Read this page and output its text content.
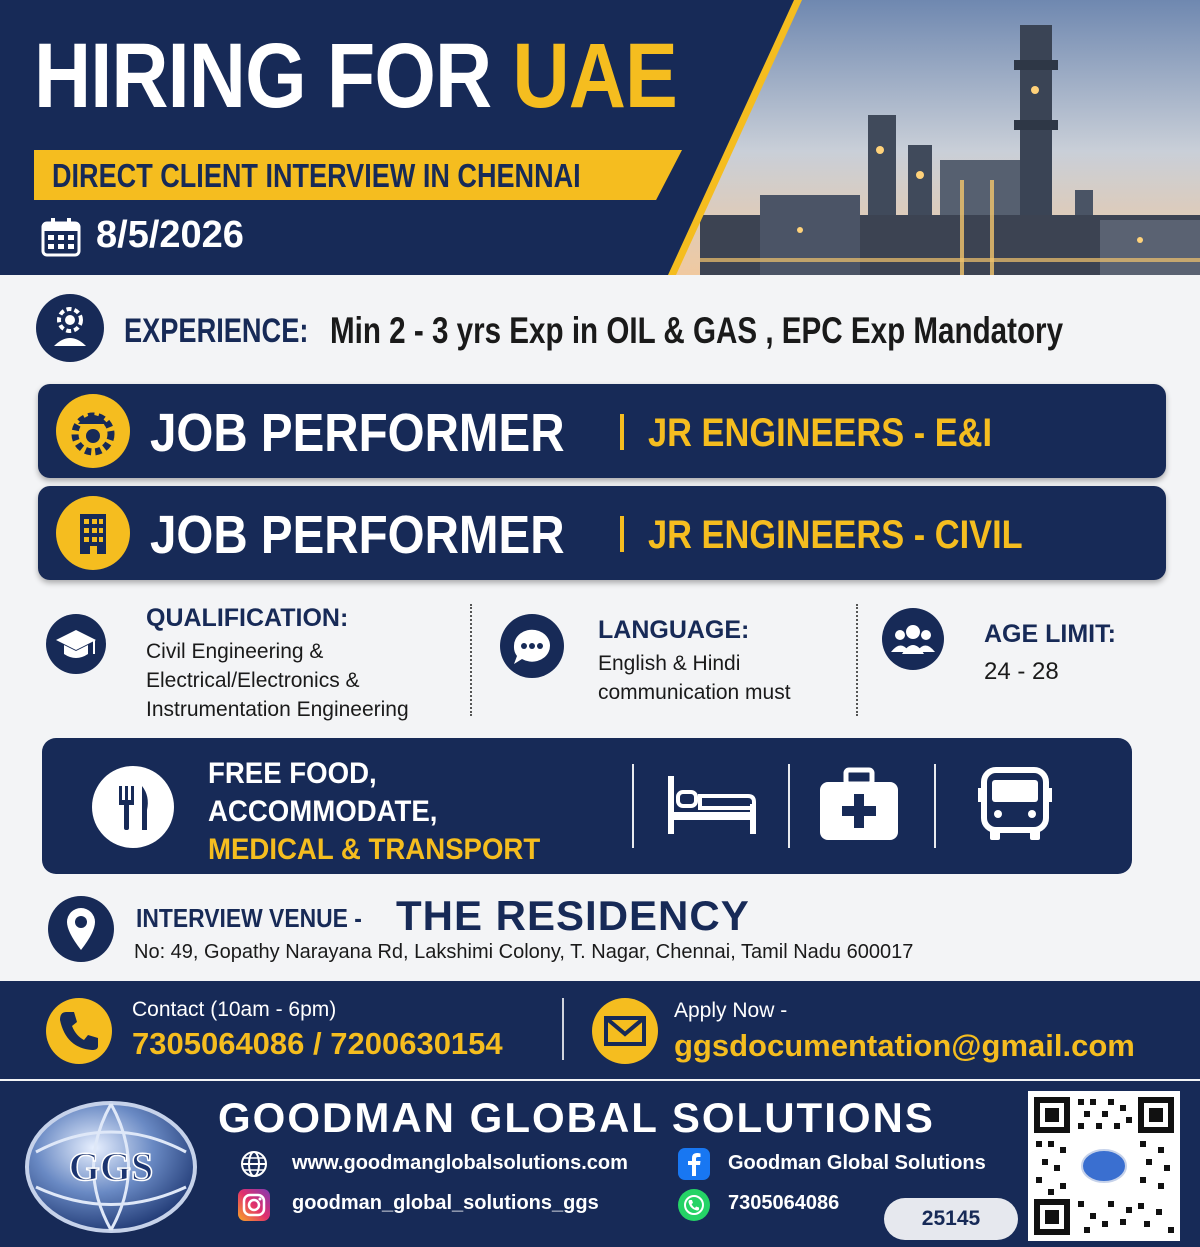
HIRING FOR UAE
DIRECT CLIENT INTERVIEW IN CHENNAI
8/5/2026
EXPERIENCE: Min 2 - 3 yrs Exp in OIL & GAS , EPC Exp Mandatory
JOB PERFORMER JR ENGINEERS - E&I
JOB PERFORMER JR ENGINEERS - CIVIL
QUALIFICATION:
Civil Engineering &
Electrical/Electronics &
Instrumentation Engineering
LANGUAGE:
English & Hindi
communication must
AGE LIMIT:
24 - 28
FREE FOOD,
ACCOMMODATE,
MEDICAL & TRANSPORT
INTERVIEW VENUE - THE RESIDENCY
No: 49, Gopathy Narayana Rd, Lakshimi Colony, T. Nagar, Chennai, Tamil Nadu 600017
Contact (10am - 6pm)
7305064086 / 7200630154
Apply Now -
ggsdocumentation@gmail.com
GGS
GOODMAN GLOBAL SOLUTIONS
www.goodmanglobalsolutions.com	Goodman Global Solutions
goodman_global_solutions_ggs	7305064086
25145
